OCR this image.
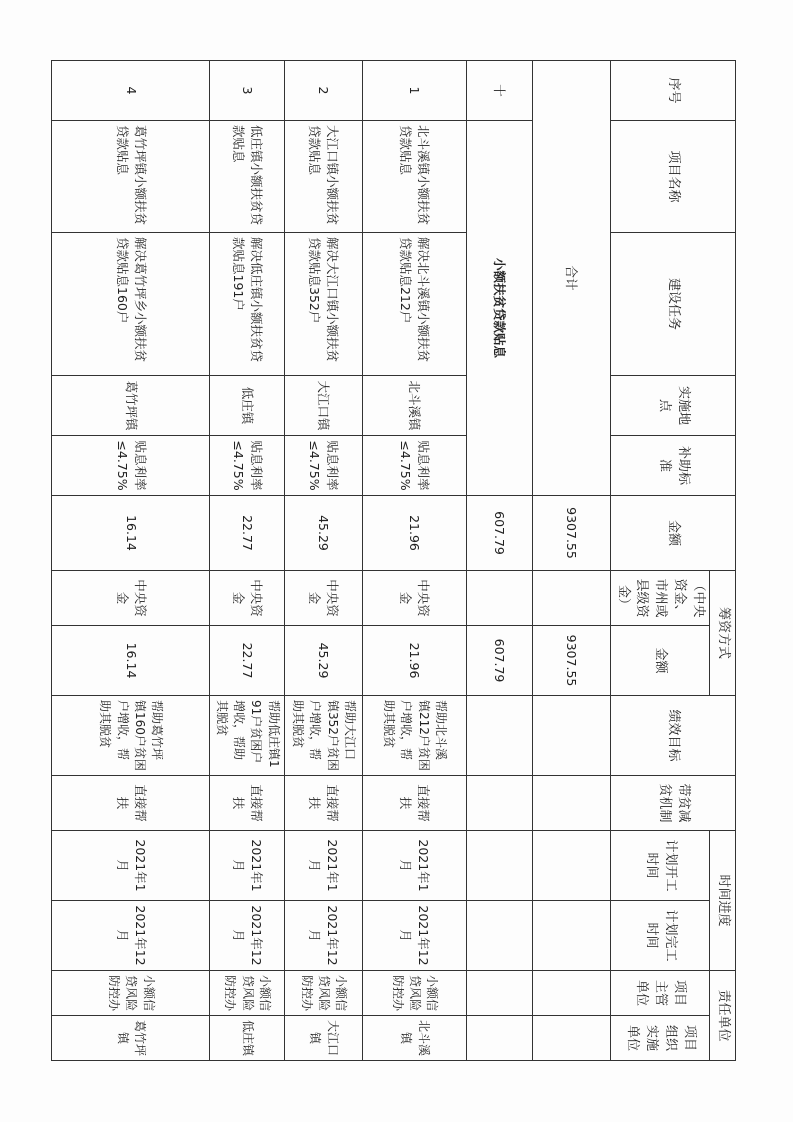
序号	项目名称	建设任务	实施地点	补助标准	金额	筹资方式		绩效目标	带贫减贫机制	时间进度		责任单位	
						（中央资金、市州或县级资金）	金额			计划开工时间	计划完工时间	项目主管单位	项目组织实施单位
合计					9307.55		9307.55						
十	小额扶贫贷款贴息				607.79		607.79						
1	北斗溪镇小额扶贫贷款贴息	解决北斗溪镇小额扶贫贷款贴息212户	北斗溪镇	贴息利率≤4.75%	21.96	中央资金	21.96	帮助北斗溪镇212户贫困户增收，帮助其脱贫	直接帮扶	2021年1月	2021年12月	小额信贷风险防控办	北斗溪镇
2	大江口镇小额扶贫贷款贴息	解决大江口镇小额扶贫贷款贴息352户	大江口镇	贴息利率≤4.75%	45.29	中央资金	45.29	帮助大江口镇352户贫困户增收，帮助其脱贫	直接帮扶	2021年1月	2021年12月	小额信贷风险防控办	大江口镇
3	低庄镇小额扶贫贷款贴息	解决低庄镇小额扶贫贷款贴息191户	低庄镇	贴息利率≤4.75%	22.77	中央资金	22.77	帮助低庄镇191户贫困户增收，帮助其脱贫	直接帮扶	2021年1月	2021年12月	小额信贷风险防控办	低庄镇
4	葛竹坪镇小额扶贫贷款贴息	解决葛竹坪乡小额扶贫贷款贴息160户	葛竹坪镇	贴息利率≤4.75%	16.14	中央资金	16.14	帮助葛竹坪镇160户贫困户增收，帮助其脱贫	直接帮扶	2021年1月	2021年12月	小额信贷风险防控办	葛竹坪镇
